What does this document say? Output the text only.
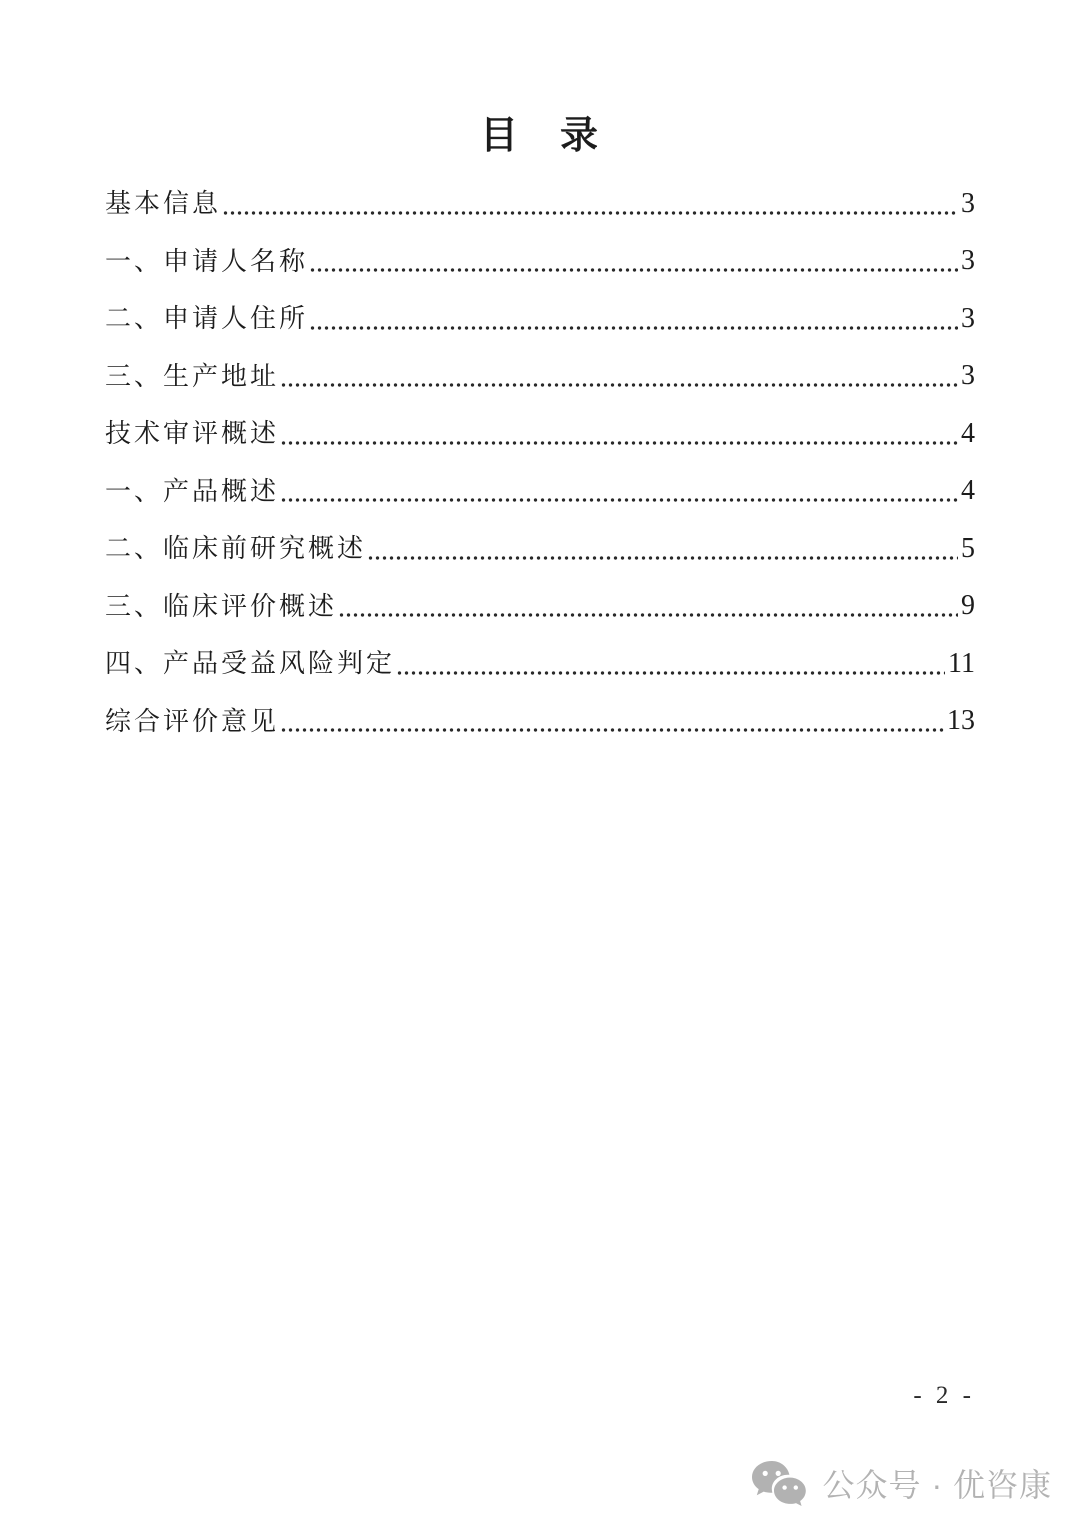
目　录
基本信息	3
一、申请人名称	3
二、申请人住所	3
三、生产地址	3
技术审评概述	4
一、产品概述	4
二、临床前研究概述	5
三、临床评价概述	9
四、产品受益风险判定	11
综合评价意见	13
- 2 -
公众号 · 优咨康
